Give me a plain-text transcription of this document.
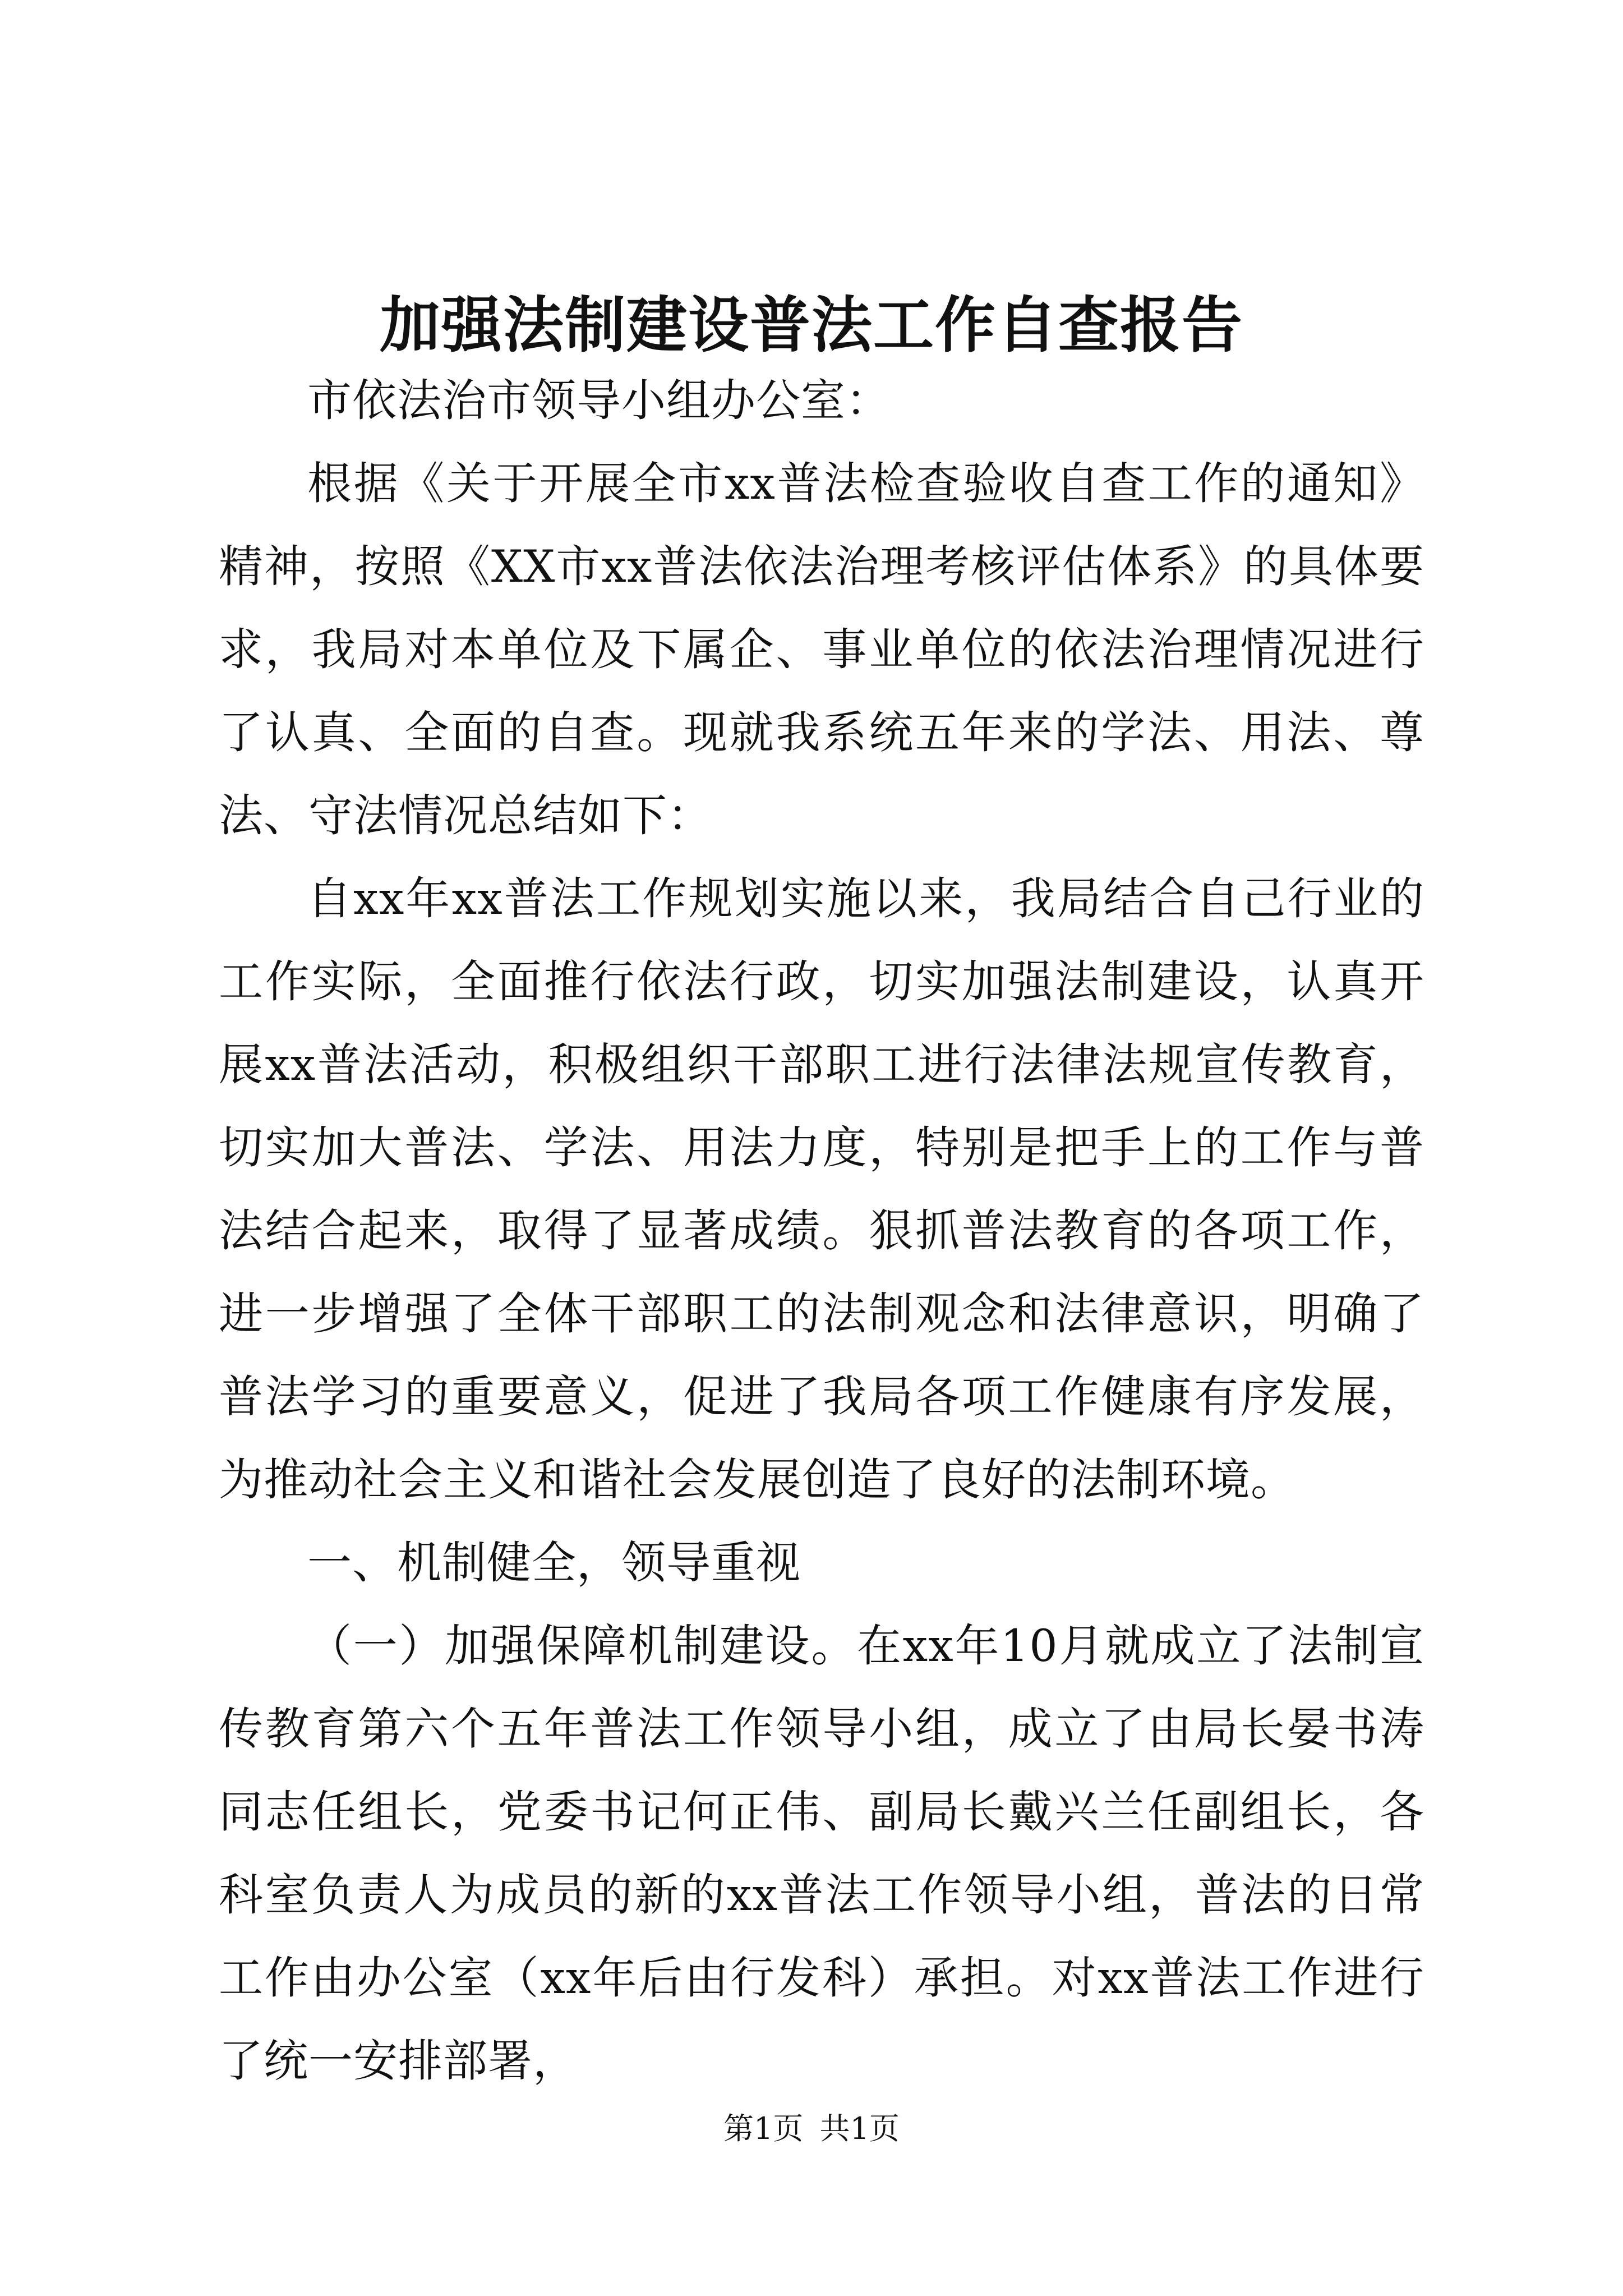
加强法制建设普法工作自查报告

市依法治市领导小组办公室：

根据《关于开展全市xx普法检查验收自查工作的通知》精神，按照《XX市xx普法依法治理考核评估体系》的具体要求，我局对本单位及下属企、事业单位的依法治理情况进行了认真、全面的自查。现就我系统五年来的学法、用法、尊法、守法情况总结如下：

自xx年xx普法工作规划实施以来，我局结合自己行业的工作实际，全面推行依法行政，切实加强法制建设，认真开展xx普法活动，积极组织干部职工进行法律法规宣传教育，切实加大普法、学法、用法力度，特别是把手上的工作与普法结合起来，取得了显著成绩。狠抓普法教育的各项工作，进一步增强了全体干部职工的法制观念和法律意识，明确了普法学习的重要意义，促进了我局各项工作健康有序发展，为推动社会主义和谐社会发展创造了良好的法制环境。

一、机制健全，领导重视

（一）加强保障机制建设。在xx年10月就成立了法制宣传教育第六个五年普法工作领导小组，成立了由局长晏书涛同志任组长，党委书记何正伟、副局长戴兴兰任副组长，各科室负责人为成员的新的xx普法工作领导小组，普法的日常工作由办公室（xx年后由行发科）承担。对xx普法工作进行了统一安排部署，

第1页 共1页
